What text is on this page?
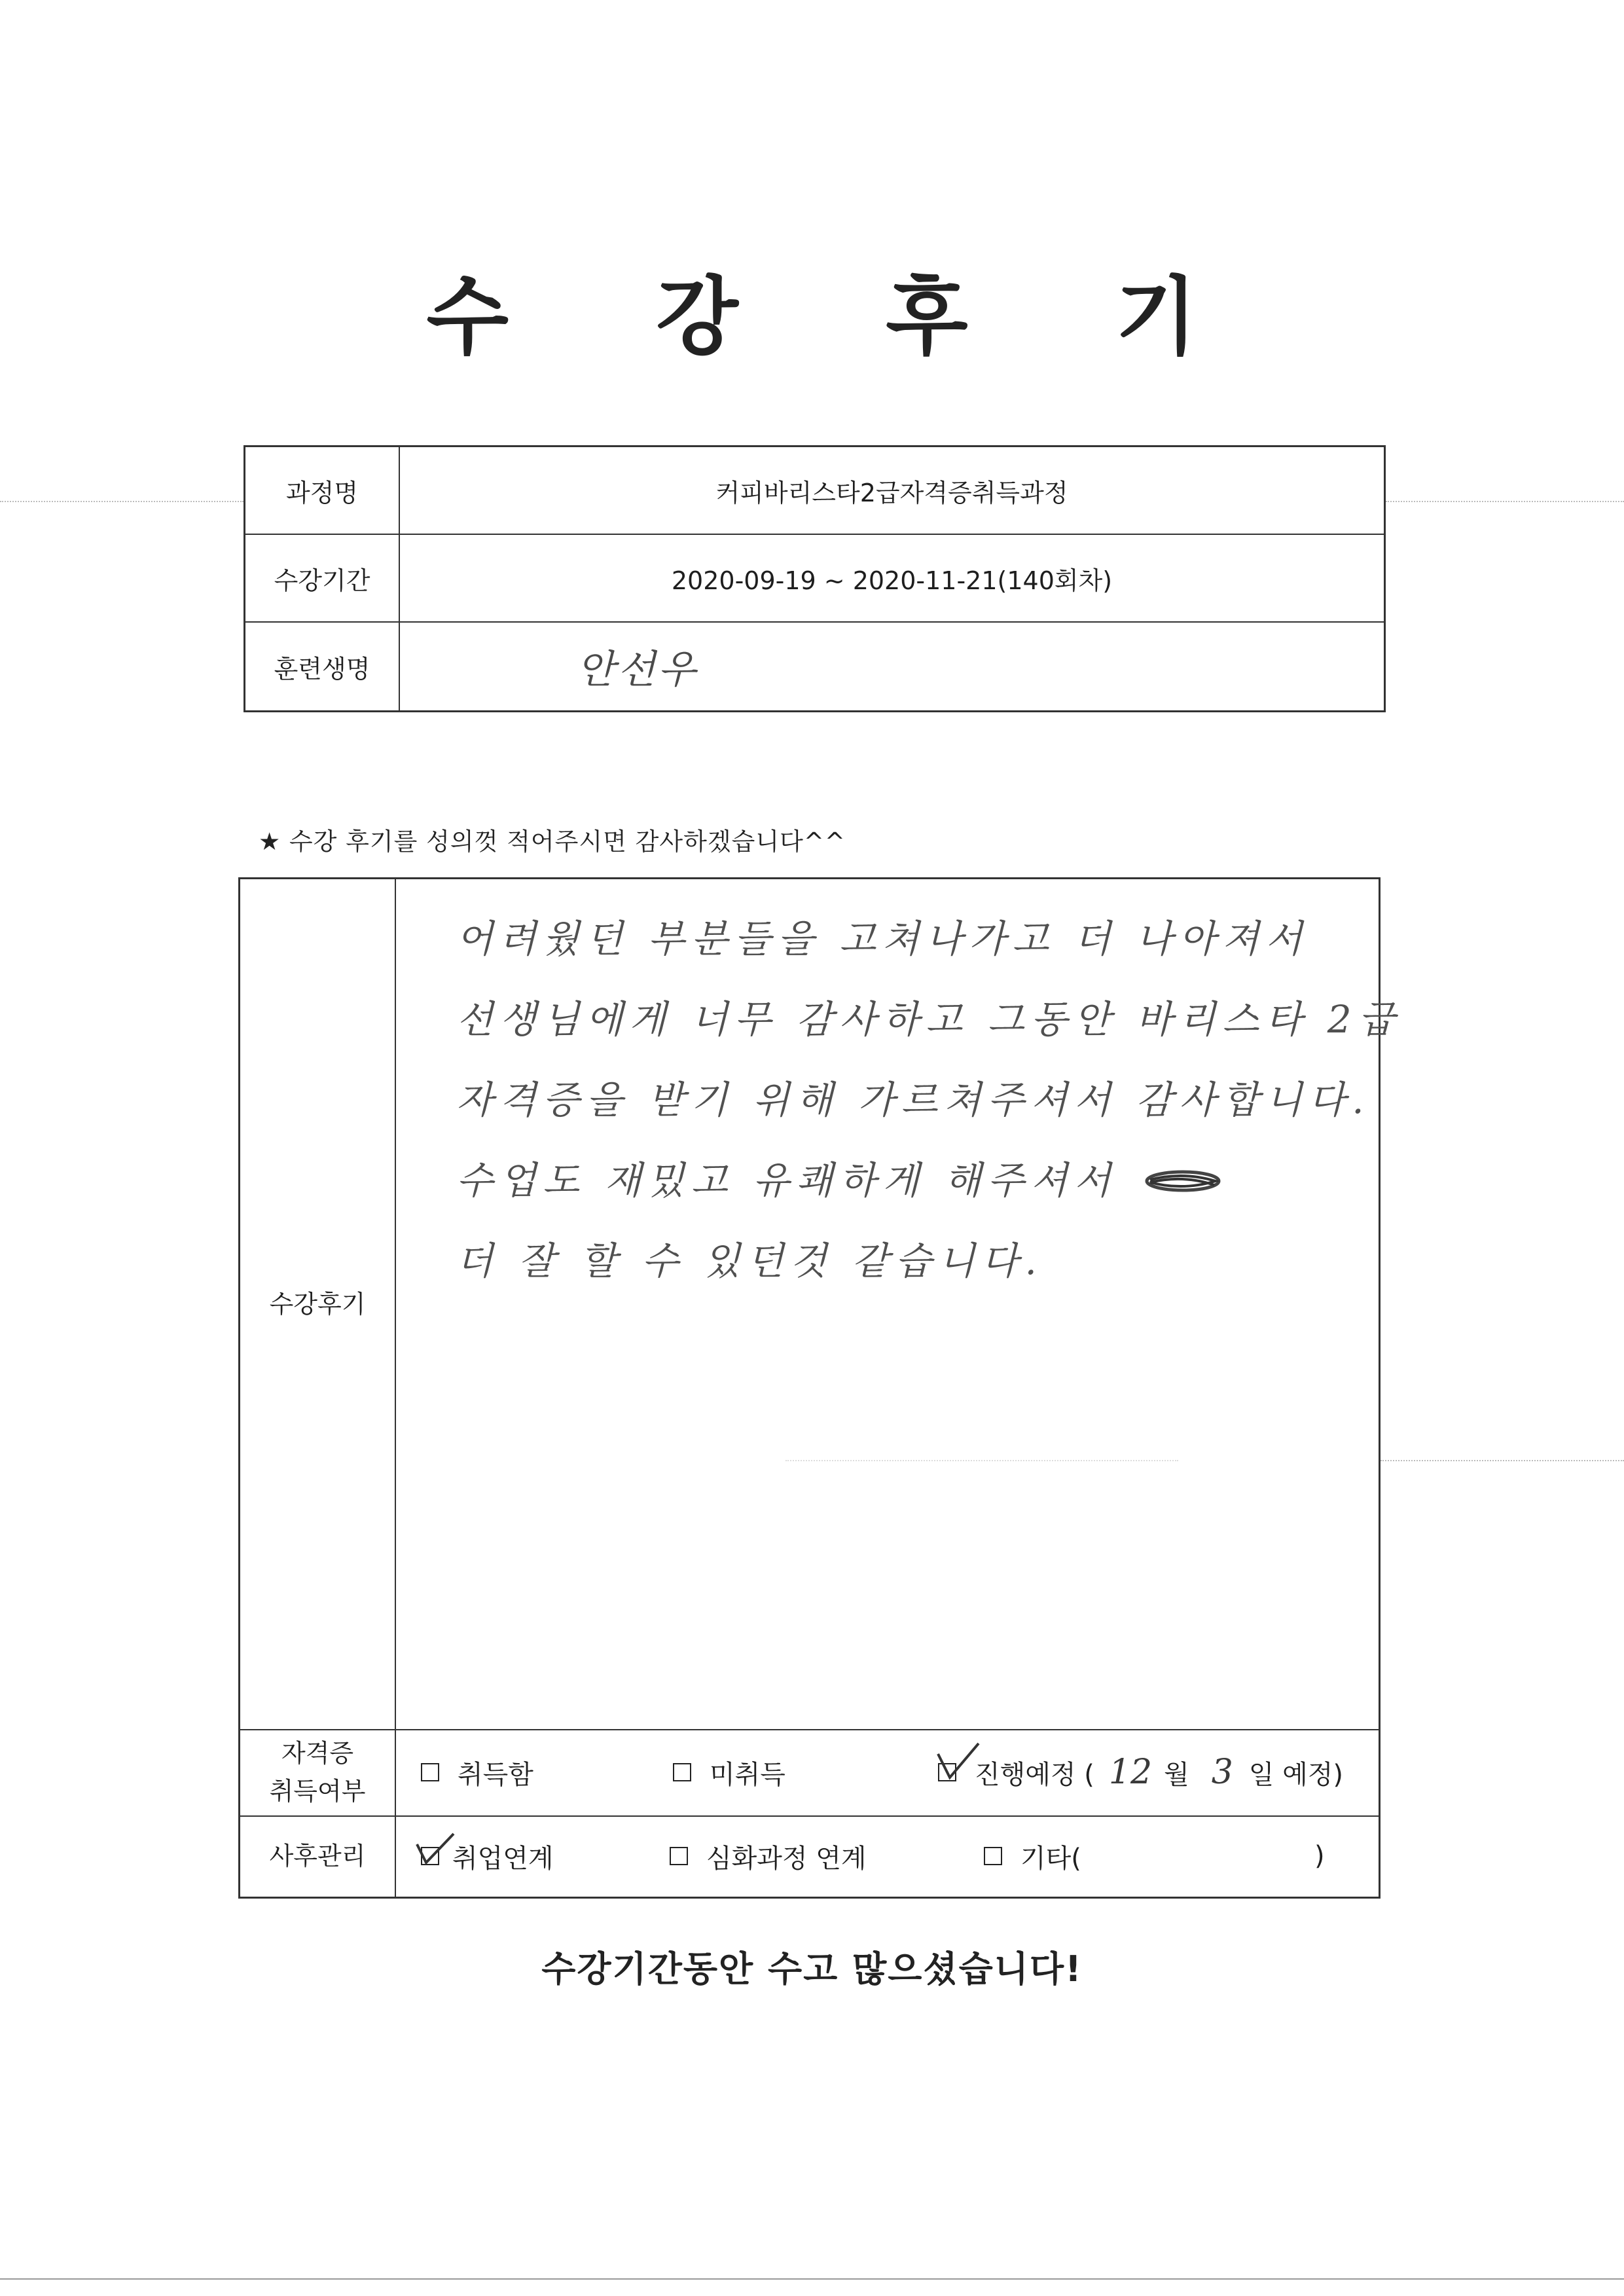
수 강 후 기
과정명	커피바리스타2급자격증취득과정
수강기간	2020-09-19 ~ 2020-11-21(140회차)
훈련생명	안선우
★ 수강 후기를 성의껏 적어주시면 감사하겠습니다^^
수강후기
어려웠던 부분들을 고쳐나가고 더 나아져서
선생님에게 너무 감사하고 그동안 바리스타 2급
자격증을 받기 위해 가르쳐주셔서 감사합니다.
수업도 재밌고 유쾌하게 해주셔서
더 잘 할 수 있던것 같습니다.
자격증
취득여부
취득함	미취득	진행예정 ( 12 월 3 일 예정)
사후관리	취업연계	심화과정 연계	기타(	)
수강기간동안 수고 많으셨습니다!
